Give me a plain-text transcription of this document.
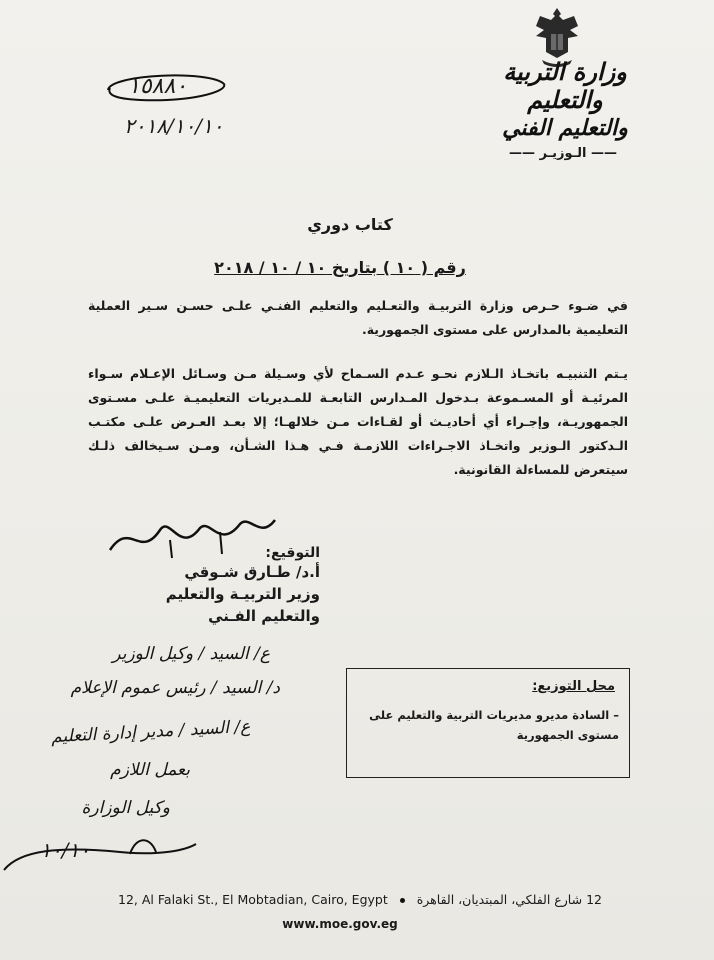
وزارة التربية والتعليم
والتعليم الفني
—— الـوزيـر ——
١٥٨٨٠
٢٠١٨/١٠/١٠
كتاب دوري
رقم ( ١٠ ) بتاريخ ١٠ / ١٠ / ٢٠١٨
في ضـوء حـرص وزارة التربيـة والتعـليم والتعليم الفنـي علـى حسـن سـير العملية التعليمية بالمدارس على مستوى الجمهورية.
يـتم التنبيـه باتخـاذ الـلازم نحـو عـدم السـماح لأي وسـيلة مـن وسـائل الإعـلام سـواء المرئيـة أو المسـموعة بـدخول المـدارس التابعـة للمـديريات التعليميـة علـى مسـتوى الجمهوريـة، وإجـراء أي أحاديـث أو لقـاءات مـن خلالهـا؛ إلا بعـد العـرض علـى مكتـب الـدكتور الـوزير واتخـاذ الاجـراءات اللازمـة فـي هـذا الشـأن، ومـن سـيخالف ذلـك سيتعرض للمساءلة القانونية.
التوقيع:
أ.د/ طـارق شـوقي
وزير التربيـة والتعليم
والتعليم الفـني
ع/ السيد / وكيل الوزير
د/ السيد / رئيس عموم الإعلام
ع/ السيد / مدير إدارة التعليم
بعمل اللازم
وكيل الوزارة
١٠/١٠
محل التوزيع:
– السادة مديرو مديريات التربية والتعليم على مستوى الجمهورية
12, Al Falaki St., El Mobtadian, Cairo, Egypt 12 شارع الفلكي، المبتديان، القاهرة
www.moe.gov.eg
